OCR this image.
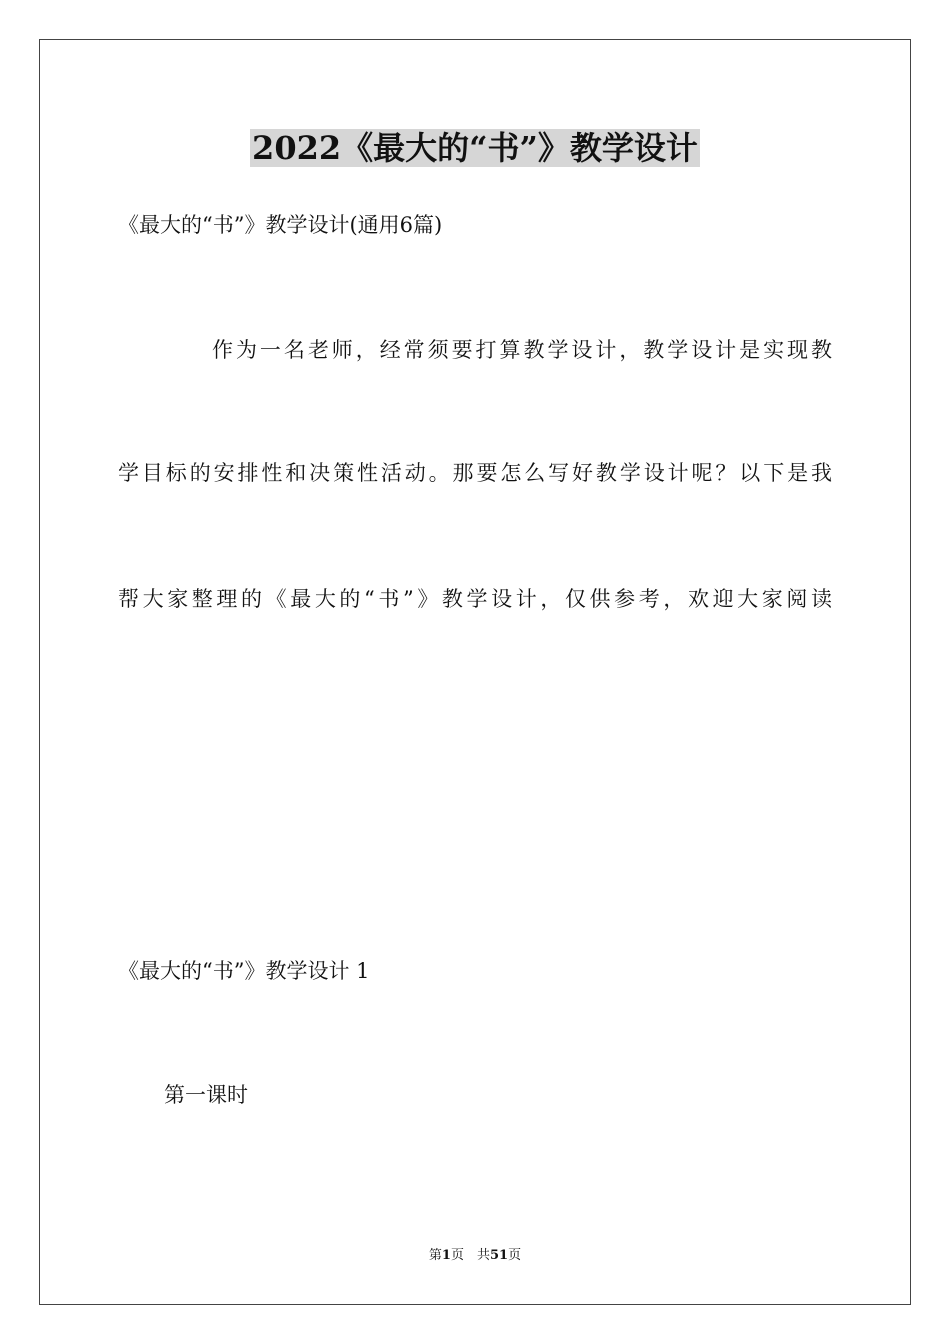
2022《最大的“书”》教学设计
《最大的“书”》教学设计(通用6篇)
作为一名老师，经常须要打算教学设计，教学设计是实现教
学目标的安排性和决策性活动。那要怎么写好教学设计呢？以下是我
帮大家整理的《最大的“书”》教学设计，仅供参考，欢迎大家阅读
《最大的“书”》教学设计 1
第一课时
第1页　共51页
